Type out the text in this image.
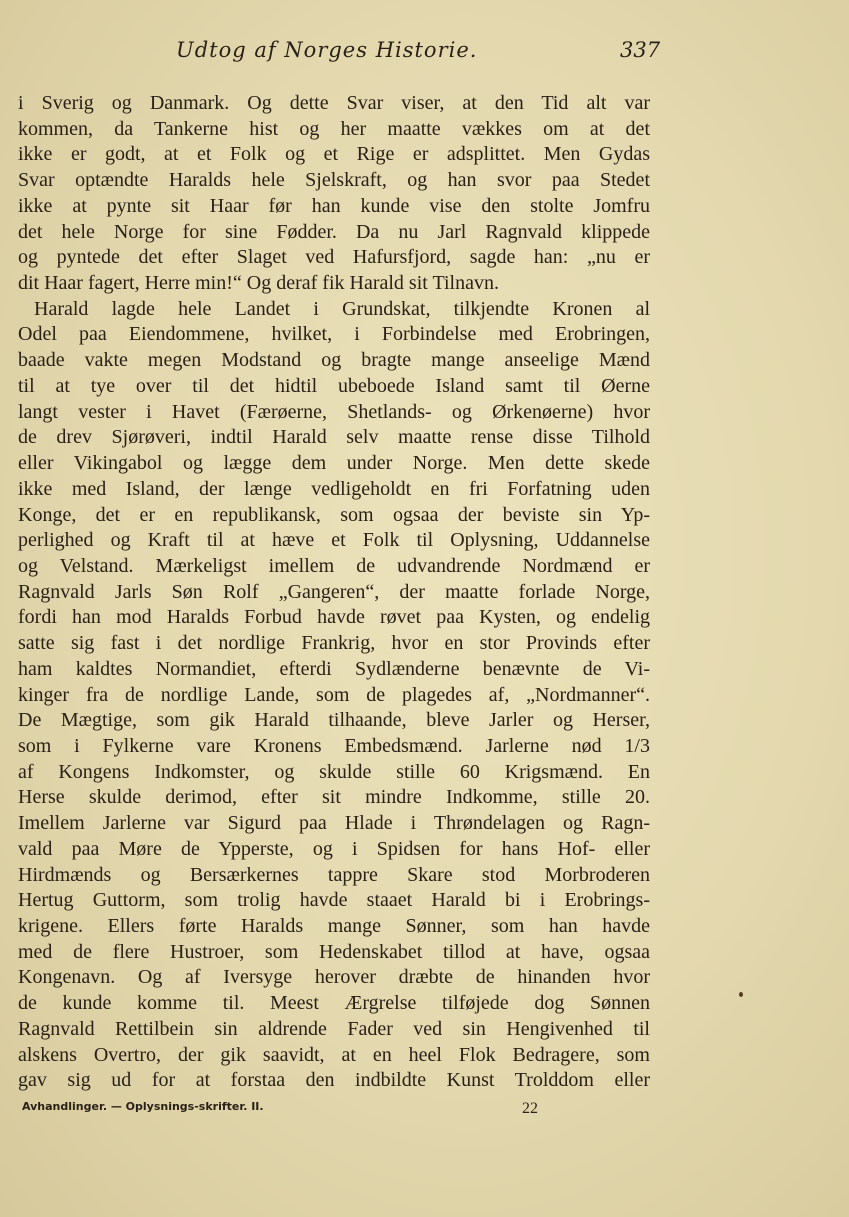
Udtog af Norges Historie.	337
i Sverig og Danmark. Og dette Svar viser, at den Tid alt var
kommen, da Tankerne hist og her maatte vækkes om at det
ikke er godt, at et Folk og et Rige er adsplittet. Men Gydas
Svar optændte Haralds hele Sjelskraft, og han svor paa Stedet
ikke at pynte sit Haar før han kunde vise den stolte Jomfru
det hele Norge for sine Fødder. Da nu Jarl Ragnvald klippede
og pyntede det efter Slaget ved Hafursfjord, sagde han: „nu er
dit Haar fagert, Herre min!“ Og deraf fik Harald sit Tilnavn.
Harald lagde hele Landet i Grundskat, tilkjendte Kronen al
Odel paa Eiendommene, hvilket, i Forbindelse med Erobringen,
baade vakte megen Modstand og bragte mange anseelige Mænd
til at tye over til det hidtil ubeboede Island samt til Øerne
langt vester i Havet (Færøerne, Shetlands- og Ørkenøerne) hvor
de drev Sjørøveri, indtil Harald selv maatte rense disse Tilhold
eller Vikingabol og lægge dem under Norge. Men dette skede
ikke med Island, der længe vedligeholdt en fri Forfatning uden
Konge, det er en republikansk, som ogsaa der beviste sin Yp-
perlighed og Kraft til at hæve et Folk til Oplysning, Uddannelse
og Velstand. Mærkeligst imellem de udvandrende Nordmænd er
Ragnvald Jarls Søn Rolf „Gangeren“, der maatte forlade Norge,
fordi han mod Haralds Forbud havde røvet paa Kysten, og endelig
satte sig fast i det nordlige Frankrig, hvor en stor Provinds efter
ham kaldtes Normandiet, efterdi Sydlænderne benævnte de Vi-
kinger fra de nordlige Lande, som de plagedes af, „Nordmanner“.
De Mægtige, som gik Harald tilhaande, bleve Jarler og Herser,
som i Fylkerne vare Kronens Embedsmænd. Jarlerne nød 1/3
af Kongens Indkomster, og skulde stille 60 Krigsmænd. En
Herse skulde derimod, efter sit mindre Indkomme, stille 20.
Imellem Jarlerne var Sigurd paa Hlade i Thrøndelagen og Ragn-
vald paa Møre de Ypperste, og i Spidsen for hans Hof- eller
Hirdmænds og Bersærkernes tappre Skare stod Morbroderen
Hertug Guttorm, som trolig havde staaet Harald bi i Erobrings-
krigene. Ellers førte Haralds mange Sønner, som han havde
med de flere Hustroer, som Hedenskabet tillod at have, ogsaa
Kongenavn. Og af Iversyge herover dræbte de hinanden hvor
de kunde komme til. Meest Ærgrelse tilføjede dog Sønnen
Ragnvald Rettilbein sin aldrende Fader ved sin Hengivenhed til
alskens Overtro, der gik saavidt, at en heel Flok Bedragere, som
gav sig ud for at forstaa den indbildte Kunst Trolddom eller
Avhandlinger. — Oplysnings-skrifter. II.	22
